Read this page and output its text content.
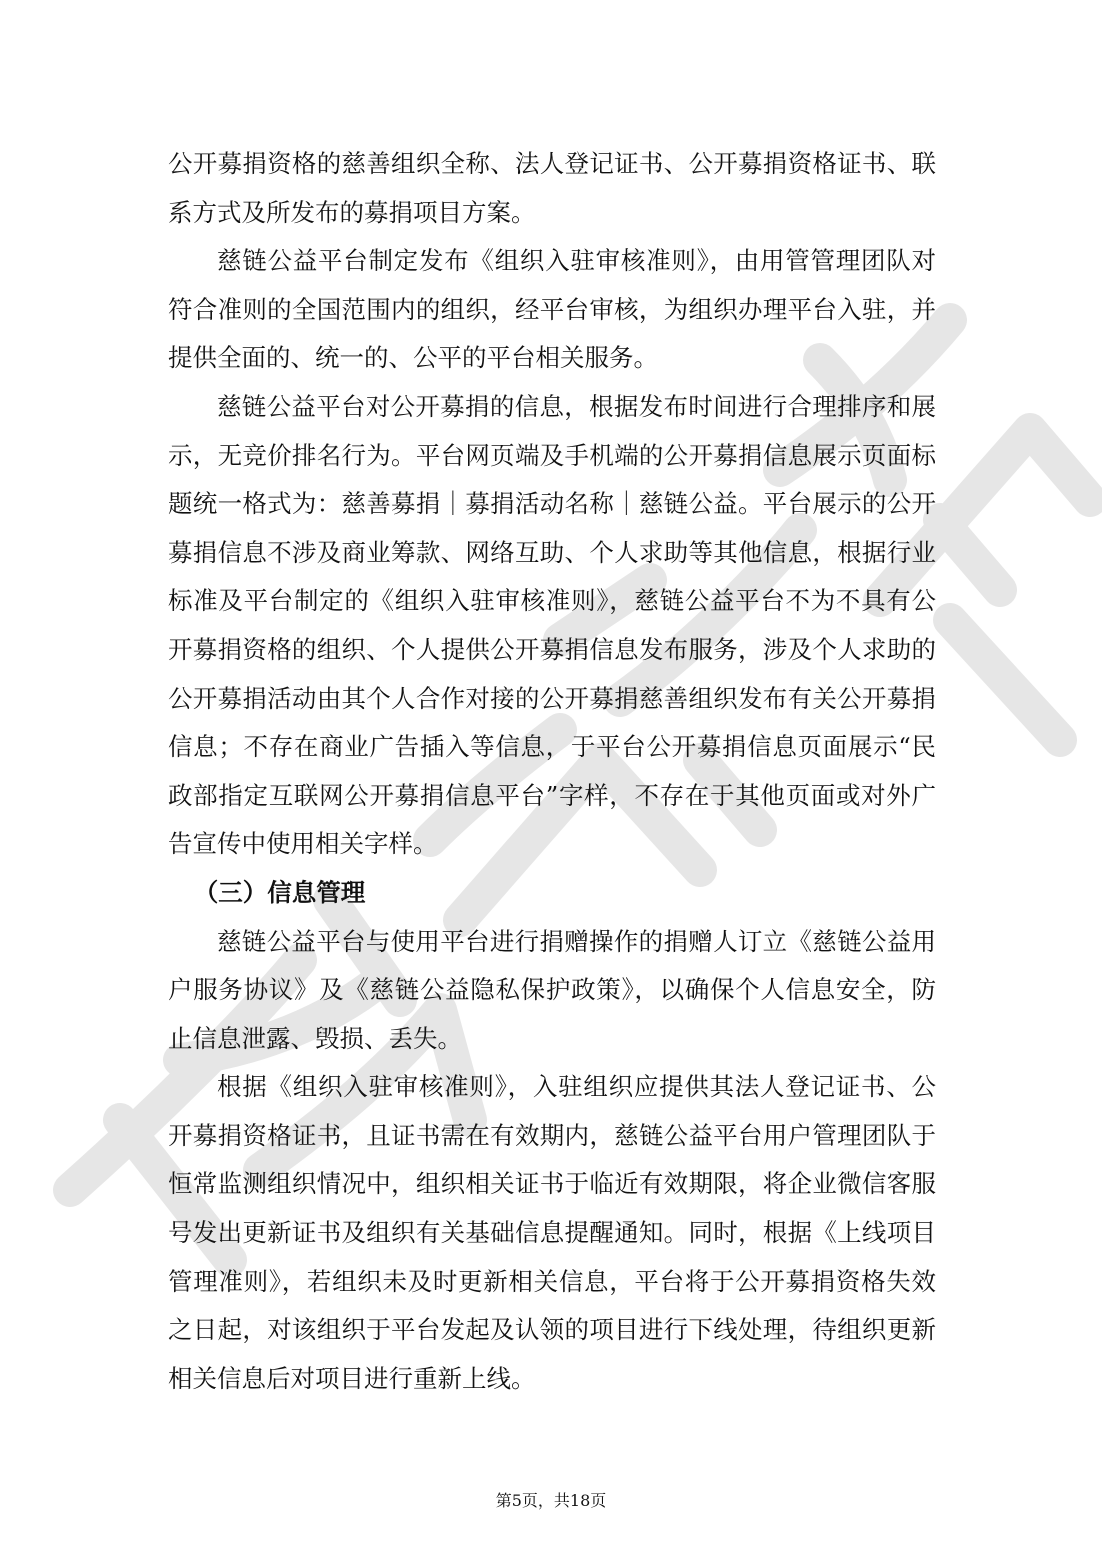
公开募捐资格的慈善组织全称、法人登记证书、公开募捐资格证书、联系方式及所发布的募捐项目方案。

慈链公益平台制定发布《组织入驻审核准则》，由用管管理团队对符合准则的全国范围内的组织，经平台审核，为组织办理平台入驻，并提供全面的、统一的、公平的平台相关服务。

慈链公益平台对公开募捐的信息，根据发布时间进行合理排序和展示，无竞价排名行为。平台网页端及手机端的公开募捐信息展示页面标题统一格式为：慈善募捐｜募捐活动名称｜慈链公益。平台展示的公开募捐信息不涉及商业筹款、网络互助、个人求助等其他信息，根据行业标准及平台制定的《组织入驻审核准则》，慈链公益平台不为不具有公开募捐资格的组织、个人提供公开募捐信息发布服务，涉及个人求助的公开募捐活动由其个人合作对接的公开募捐慈善组织发布有关公开募捐信息；不存在商业广告插入等信息，于平台公开募捐信息页面展示“民政部指定互联网公开募捐信息平台”字样，不存在于其他页面或对外广告宣传中使用相关字样。

（三）信息管理

慈链公益平台与使用平台进行捐赠操作的捐赠人订立《慈链公益用户服务协议》及《慈链公益隐私保护政策》，以确保个人信息安全，防止信息泄露、毁损、丢失。

根据《组织入驻审核准则》，入驻组织应提供其法人登记证书、公开募捐资格证书，且证书需在有效期内，慈链公益平台用户管理团队于恒常监测组织情况中，组织相关证书于临近有效期限，将企业微信客服号发出更新证书及组织有关基础信息提醒通知。同时，根据《上线项目管理准则》，若组织未及时更新相关信息，平台将于公开募捐资格失效之日起，对该组织于平台发起及认领的项目进行下线处理，待组织更新相关信息后对项目进行重新上线。

第5页，共18页
